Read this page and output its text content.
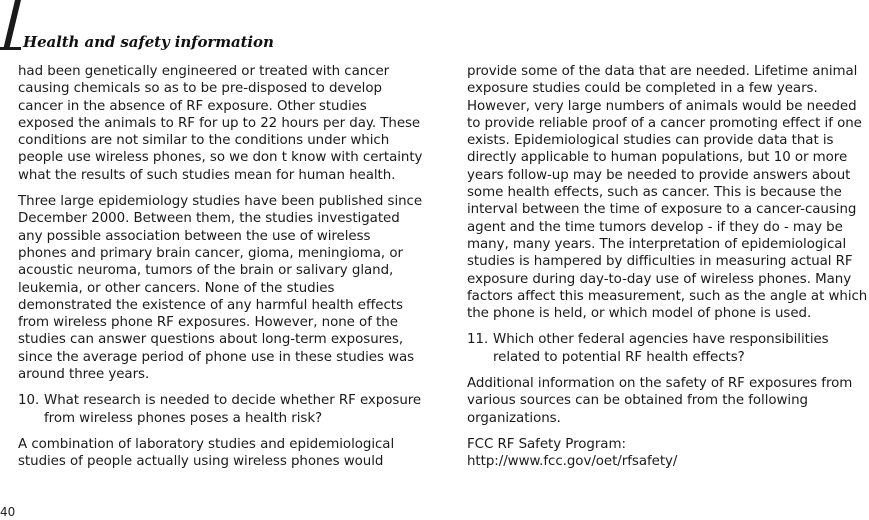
Health and safety information

had been genetically engineered or treated with cancer causing chemicals so as to be pre-disposed to develop cancer in the absence of RF exposure. Other studies exposed the animals to RF for up to 22 hours per day. These conditions are not similar to the conditions under which people use wireless phones, so we don t know with certainty what the results of such studies mean for human health.

Three large epidemiology studies have been published since December 2000. Between them, the studies investigated any possible association between the use of wireless phones and primary brain cancer, gioma, meningioma, or acoustic neuroma, tumors of the brain or salivary gland, leukemia, or other cancers. None of the studies demonstrated the existence of any harmful health effects from wireless phone RF exposures. However, none of the studies can answer questions about long-term exposures, since the average period of phone use in these studies was around three years.

10. What research is needed to decide whether RF exposure from wireless phones poses a health risk?

A combination of laboratory studies and epidemiological studies of people actually using wireless phones would

provide some of the data that are needed. Lifetime animal exposure studies could be completed in a few years. However, very large numbers of animals would be needed to provide reliable proof of a cancer promoting effect if one exists. Epidemiological studies can provide data that is directly applicable to human populations, but 10 or more years follow-up may be needed to provide answers about some health effects, such as cancer. This is because the interval between the time of exposure to a cancer-causing agent and the time tumors develop - if they do - may be many, many years. The interpretation of epidemiological studies is hampered by difficulties in measuring actual RF exposure during day-to-day use of wireless phones. Many factors affect this measurement, such as the angle at which the phone is held, or which model of phone is used.

11. Which other federal agencies have responsibilities related to potential RF health effects?

Additional information on the safety of RF exposures from various sources can be obtained from the following organizations.

FCC RF Safety Program:

http://www.fcc.gov/oet/rfsafety/

40
